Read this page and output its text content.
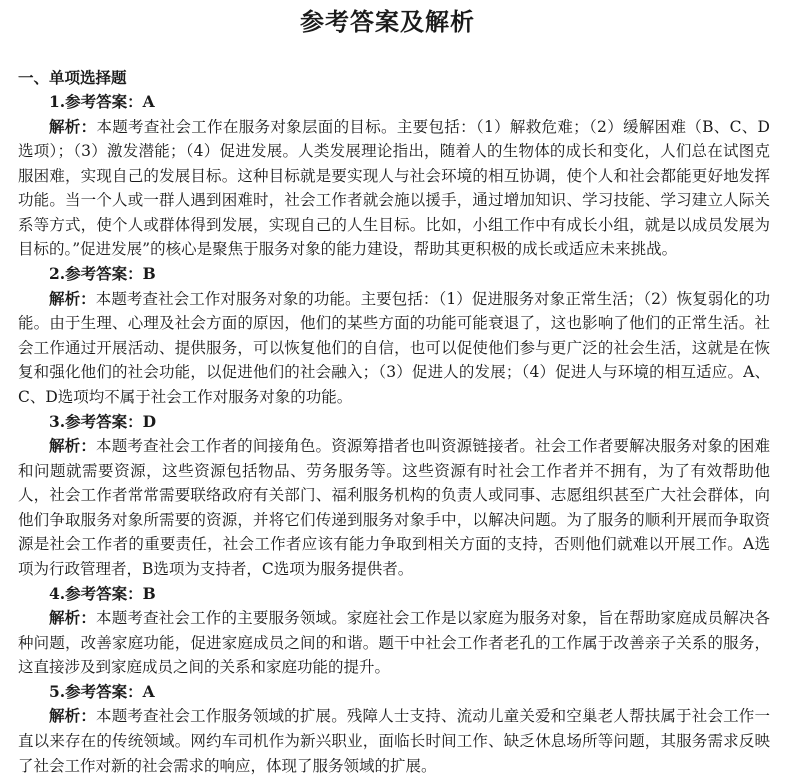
参考答案及解析

一、单项选择题

1.参考答案：A

解析：本题考查社会工作在服务对象层面的目标。主要包括：（1）解救危难；（2）缓解困难（B、C、D选项）；（3）激发潜能；（4）促进发展。人类发展理论指出，随着人的生物体的成长和变化，人们总在试图克服困难，实现自己的发展目标。这种目标就是要实现人与社会环境的相互协调，使个人和社会都能更好地发挥功能。当一个人或一群人遇到困难时，社会工作者就会施以援手，通过增加知识、学习技能、学习建立人际关系等方式，使个人或群体得到发展，实现自己的人生目标。比如，小组工作中有成长小组，就是以成员发展为目标的。”促进发展”的核心是聚焦于服务对象的能力建设，帮助其更积极的成长或适应未来挑战。

2.参考答案：B

解析：本题考查社会工作对服务对象的功能。主要包括：（1）促进服务对象正常生活；（2）恢复弱化的功能。由于生理、心理及社会方面的原因，他们的某些方面的功能可能衰退了，这也影响了他们的正常生活。社会工作通过开展活动、提供服务，可以恢复他们的自信，也可以促使他们参与更广泛的社会生活，这就是在恢复和强化他们的社会功能，以促进他们的社会融入；（3）促进人的发展；（4）促进人与环境的相互适应。A、C、D选项均不属于社会工作对服务对象的功能。

3.参考答案：D

解析：本题考查社会工作者的间接角色。资源筹措者也叫资源链接者。社会工作者要解决服务对象的困难和问题就需要资源，这些资源包括物品、劳务服务等。这些资源有时社会工作者并不拥有，为了有效帮助他人，社会工作者常常需要联络政府有关部门、福利服务机构的负责人或同事、志愿组织甚至广大社会群体，向他们争取服务对象所需要的资源，并将它们传递到服务对象手中，以解决问题。为了服务的顺利开展而争取资源是社会工作者的重要责任，社会工作者应该有能力争取到相关方面的支持，否则他们就难以开展工作。A选项为行政管理者，B选项为支持者，C选项为服务提供者。

4.参考答案：B

解析：本题考查社会工作的主要服务领域。家庭社会工作是以家庭为服务对象，旨在帮助家庭成员解决各种问题，改善家庭功能，促进家庭成员之间的和谐。题干中社会工作者老孔的工作属于改善亲子关系的服务，这直接涉及到家庭成员之间的关系和家庭功能的提升。

5.参考答案：A

解析：本题考查社会工作服务领域的扩展。残障人士支持、流动儿童关爱和空巢老人帮扶属于社会工作一直以来存在的传统领域。网约车司机作为新兴职业，面临长时间工作、缺乏休息场所等问题，其服务需求反映了社会工作对新的社会需求的响应，体现了服务领域的扩展。
